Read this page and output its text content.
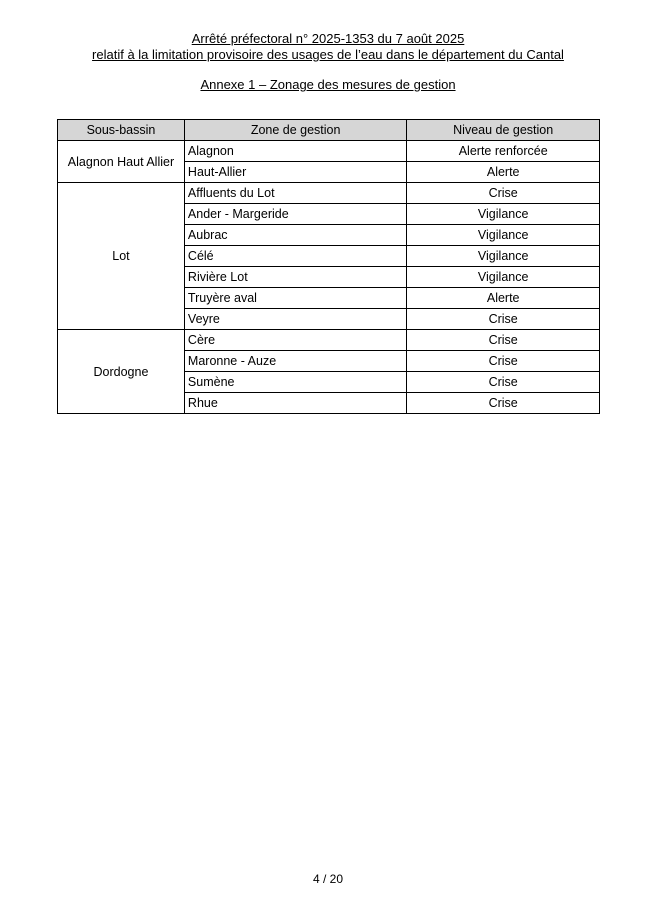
Arrêté préfectoral n° 2025-1353 du 7 août 2025
relatif à la limitation provisoire des usages de l’eau dans le département du Cantal
Annexe 1 – Zonage des mesures de gestion
Sous-bassin	Zone de gestion	Niveau de gestion
Alagnon Haut Allier	Alagnon	Alerte renforcée
	Haut-Allier	Alerte
Lot	Affluents du Lot	Crise
	Ander - Margeride	Vigilance
	Aubrac	Vigilance
	Célé	Vigilance
	Rivière Lot	Vigilance
	Truyère aval	Alerte
	Veyre	Crise
Dordogne	Cère	Crise
	Maronne - Auze	Crise
	Sumène	Crise
	Rhue	Crise
4 / 20
